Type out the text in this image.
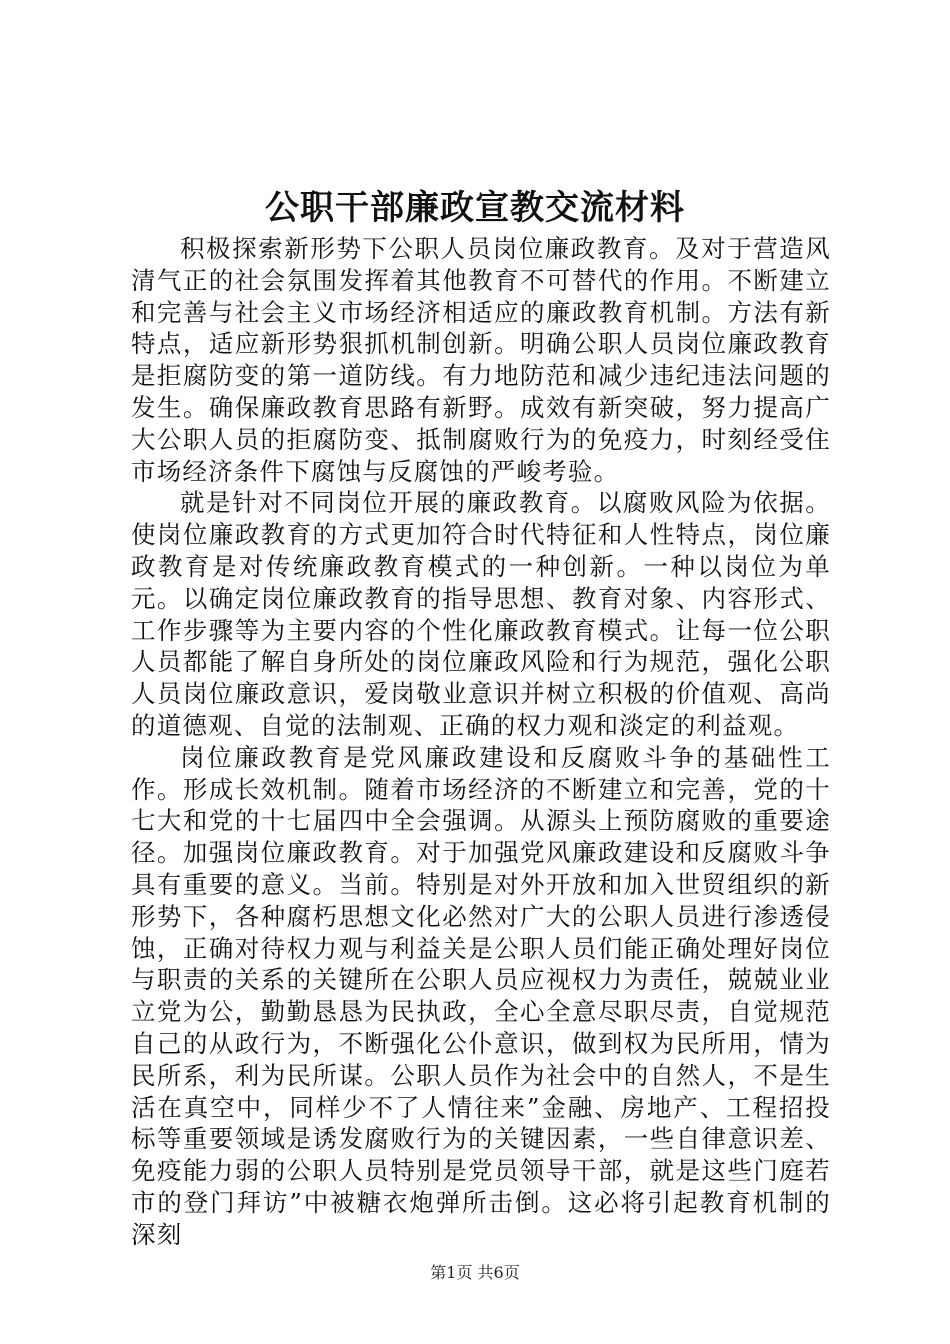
公职干部廉政宣教交流材料

积极探索新形势下公职人员岗位廉政教育。及对于营造风清气正的社会氛围发挥着其他教育不可替代的作用。不断建立和完善与社会主义市场经济相适应的廉政教育机制。方法有新特点，适应新形势狠抓机制创新。明确公职人员岗位廉政教育是拒腐防变的第一道防线。有力地防范和减少违纪违法问题的发生。确保廉政教育思路有新野。成效有新突破，努力提高广大公职人员的拒腐防变、抵制腐败行为的免疫力，时刻经受住市场经济条件下腐蚀与反腐蚀的严峻考验。

就是针对不同岗位开展的廉政教育。以腐败风险为依据。使岗位廉政教育的方式更加符合时代特征和人性特点，岗位廉政教育是对传统廉政教育模式的一种创新。一种以岗位为单元。以确定岗位廉政教育的指导思想、教育对象、内容形式、工作步骤等为主要内容的个性化廉政教育模式。让每一位公职人员都能了解自身所处的岗位廉政风险和行为规范，强化公职人员岗位廉政意识，爱岗敬业意识并树立积极的价值观、高尚的道德观、自觉的法制观、正确的权力观和淡定的利益观。

岗位廉政教育是党风廉政建设和反腐败斗争的基础性工作。形成长效机制。随着市场经济的不断建立和完善，党的十七大和党的十七届四中全会强调。从源头上预防腐败的重要途径。加强岗位廉政教育。对于加强党风廉政建设和反腐败斗争具有重要的意义。当前。特别是对外开放和加入世贸组织的新形势下，各种腐朽思想文化必然对广大的公职人员进行渗透侵蚀，正确对待权力观与利益关是公职人员们能正确处理好岗位与职责的关系的关键所在公职人员应视权力为责任，兢兢业业立党为公，勤勤恳恳为民执政，全心全意尽职尽责，自觉规范自己的从政行为，不断强化公仆意识，做到权为民所用，情为民所系，利为民所谋。公职人员作为社会中的自然人，不是生活在真空中，同样少不了人情往来”金融、房地产、工程招投标等重要领域是诱发腐败行为的关键因素，一些自律意识差、免疫能力弱的公职人员特别是党员领导干部，就是这些门庭若市的登门拜访”中被糖衣炮弹所击倒。这必将引起教育机制的深刻

第1页 共6页
